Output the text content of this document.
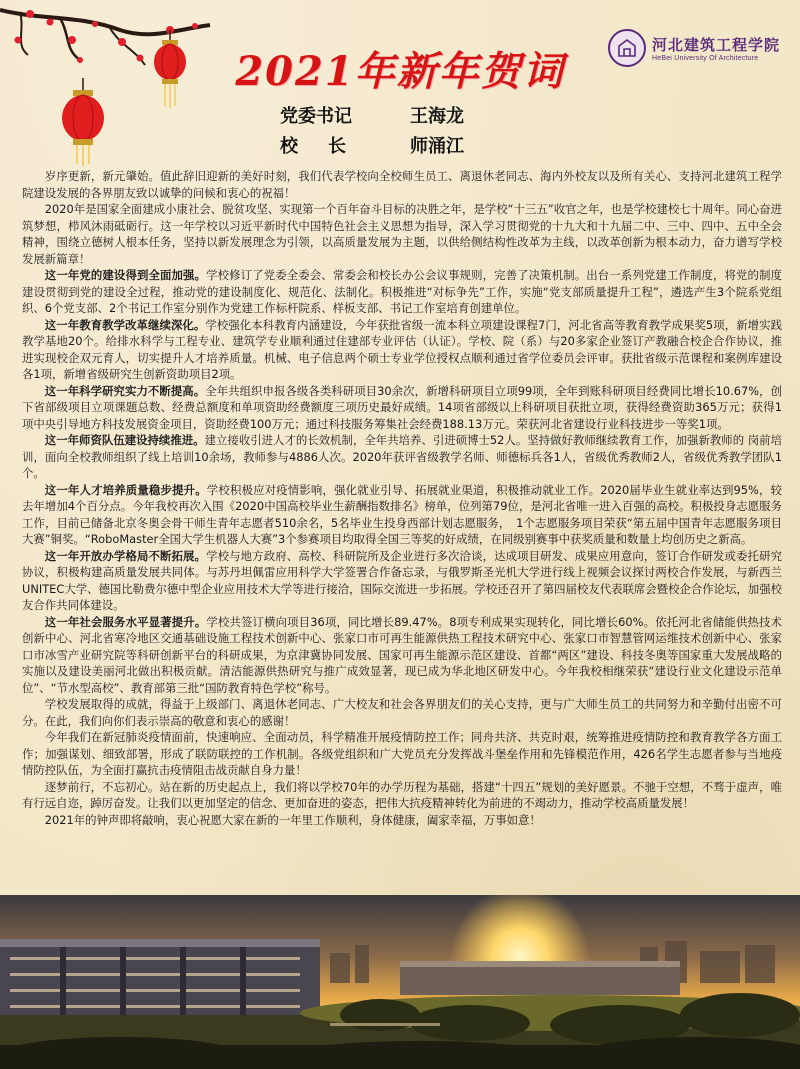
2021年新年贺词
党委书记	王海龙
校长	师涌江
河北建筑工程学院
HeBei University Of Architecture

岁序更新，新元肇始。值此辞旧迎新的美好时刻，我们代表学校向全校师生员工、离退休老同志、海内外校友以及所有关心、支持河北建筑工程学院建设发展的各界朋友致以诚挚的问候和衷心的祝福！

2020年是国家全面建成小康社会、脱贫攻坚、实现第一个百年奋斗目标的决胜之年，是学校“十三五”收官之年，也是学校建校七十周年。同心奋进筑梦想，栉风沐雨砥砺行。这一年学校以习近平新时代中国特色社会主义思想为指导，深入学习贯彻党的十九大和十九届二中、三中、四中、五中全会精神，围绕立德树人根本任务，坚持以新发展理念为引领，以高质量发展为主题，以供给侧结构性改革为主线，以改革创新为根本动力，奋力谱写学校发展新篇章！

这一年党的建设得到全面加强。学校修订了党委全委会、常委会和校长办公会议事规则，完善了决策机制。出台一系列党建工作制度，将党的制度建设贯彻到党的建设全过程，推动党的建设制度化、规范化、法制化。积极推进“对标争先”工作，实施“党支部质量提升工程”，遴选产生3个院系党组织、6个党支部、2个书记工作室分别作为党建工作标杆院系、样板支部、书记工作室培育创建单位。

这一年教育教学改革继续深化。学校强化本科教育内涵建设，今年获批省级一流本科立项建设课程7门，河北省高等教育教学成果奖5项，新增实践教学基地20个。给排水科学与工程专业、建筑学专业顺利通过住建部专业评估（认证）。学校、院（系）与20多家企业签订产教融合校企合作协议，推进实现校企双元育人，切实提升人才培养质量。机械、电子信息两个硕士专业学位授权点顺利通过省学位委员会评审。获批省级示范课程和案例库建设各1项，新增省级研究生创新资助项目2项。

这一年科学研究实力不断提高。全年共组织申报各级各类科研项目30余次，新增科研项目立项99项，全年到账科研项目经费同比增长10.67%，创下省部级项目立项课题总数、经费总额度和单项资助经费额度三项历史最好成绩。14项省部级以上科研项目获批立项，获得经费资助365万元；获得1项中央引导地方科技发展资金项目，资助经费100万元；通过科技服务筹集社会经费188.13万元。荣获河北省建设行业科技进步一等奖1项。

这一年师资队伍建设持续推进。建立接收引进人才的长效机制，全年共培养、引进硕博士52人。坚持做好教师继续教育工作，加强新教师的 岗前培训，面向全校教师组织了线上培训10余场，教师参与4886人次。2020年获评省级教学名师、师德标兵各1人，省级优秀教师2人，省级优秀教学团队1个。

这一年人才培养质量稳步提升。学校积极应对疫情影响，强化就业引导、拓展就业渠道，积极推动就业工作。2020届毕业生就业率达到95%，较去年增加4个百分点。今年我校再次入围《2020中国高校毕业生薪酬指数排名》榜单，位列第79位，是河北省唯一进入百强的高校。积极投身志愿服务工作，目前已储备北京冬奥会骨干师生青年志愿者510余名，5名毕业生投身西部计划志愿服务，　1个志愿服务项目荣获“第五届中国青年志愿服务项目大赛”铜奖。“RoboMaster全国大学生机器人大赛”3个参赛项目均取得全国三等奖的好成绩，在同级别赛事中获奖质量和数量上均创历史之新高。

这一年开放办学格局不断拓展。学校与地方政府、高校、科研院所及企业进行多次洽谈，达成项目研发、成果应用意向，签订合作研发或委托研究协议，积极构建高质量发展共同体。与苏丹坦佩雷应用科学大学签署合作备忘录，与俄罗斯圣光机大学进行线上视频会议探讨两校合作发展，与新西兰UNITEC大学、德国比勒费尔德中型企业应用技术大学等进行接洽，国际交流进一步拓展。学校还召开了第四届校友代表联席会暨校企合作论坛，加强校友合作共同体建设。

这一年社会服务水平显著提升。学校共签订横向项目36项，同比增长89.47%。8项专利成果实现转化，同比增长60%。依托河北省储能供热技术创新中心、河北省寒冷地区交通基础设施工程技术创新中心、张家口市可再生能源供热工程技术研究中心、张家口市智慧管网运维技术创新中心、张家口市冰雪产业研究院等科研创新平台的科研成果，为京津冀协同发展、国家可再生能源示范区建设、首都“两区”建设、科技冬奥等国家重大发展战略的实施以及建设美丽河北做出积极贡献。清洁能源供热研究与推广成效显著，现已成为华北地区研发中心。今年我校相继荣获“建设行业文化建设示范单位”、“节水型高校”、教育部第三批“国防教育特色学校”称号。

学校发展取得的成就，得益于上级部门、离退休老同志、广大校友和社会各界朋友们的关心支持，更与广大师生员工的共同努力和辛勤付出密不可分。在此，我们向你们表示崇高的敬意和衷心的感谢！

今年我们在新冠肺炎疫情面前，快速响应、全面动员，科学精准开展疫情防控工作；同舟共济、共克时艰，统筹推进疫情防控和教育教学各方面工作；加强谋划、细致部署，形成了联防联控的工作机制。各级党组织和广大党员充分发挥战斗堡垒作用和先锋模范作用，426名学生志愿者参与当地疫情防控队伍，为全面打赢抗击疫情阻击战贡献自身力量！

逐梦前行，不忘初心。站在新的历史起点上，我们将以学校70年的办学历程为基础，搭建“十四五”规划的美好愿景。不驰于空想，不骛于虚声，唯有行远自迩，踔厉奋发。让我们以更加坚定的信念、更加奋进的姿态，把伟大抗疫精神转化为前进的不竭动力，推动学校高质量发展！

2021年的钟声即将敲响，衷心祝愿大家在新的一年里工作顺利，身体健康，阖家幸福，万事如意！
